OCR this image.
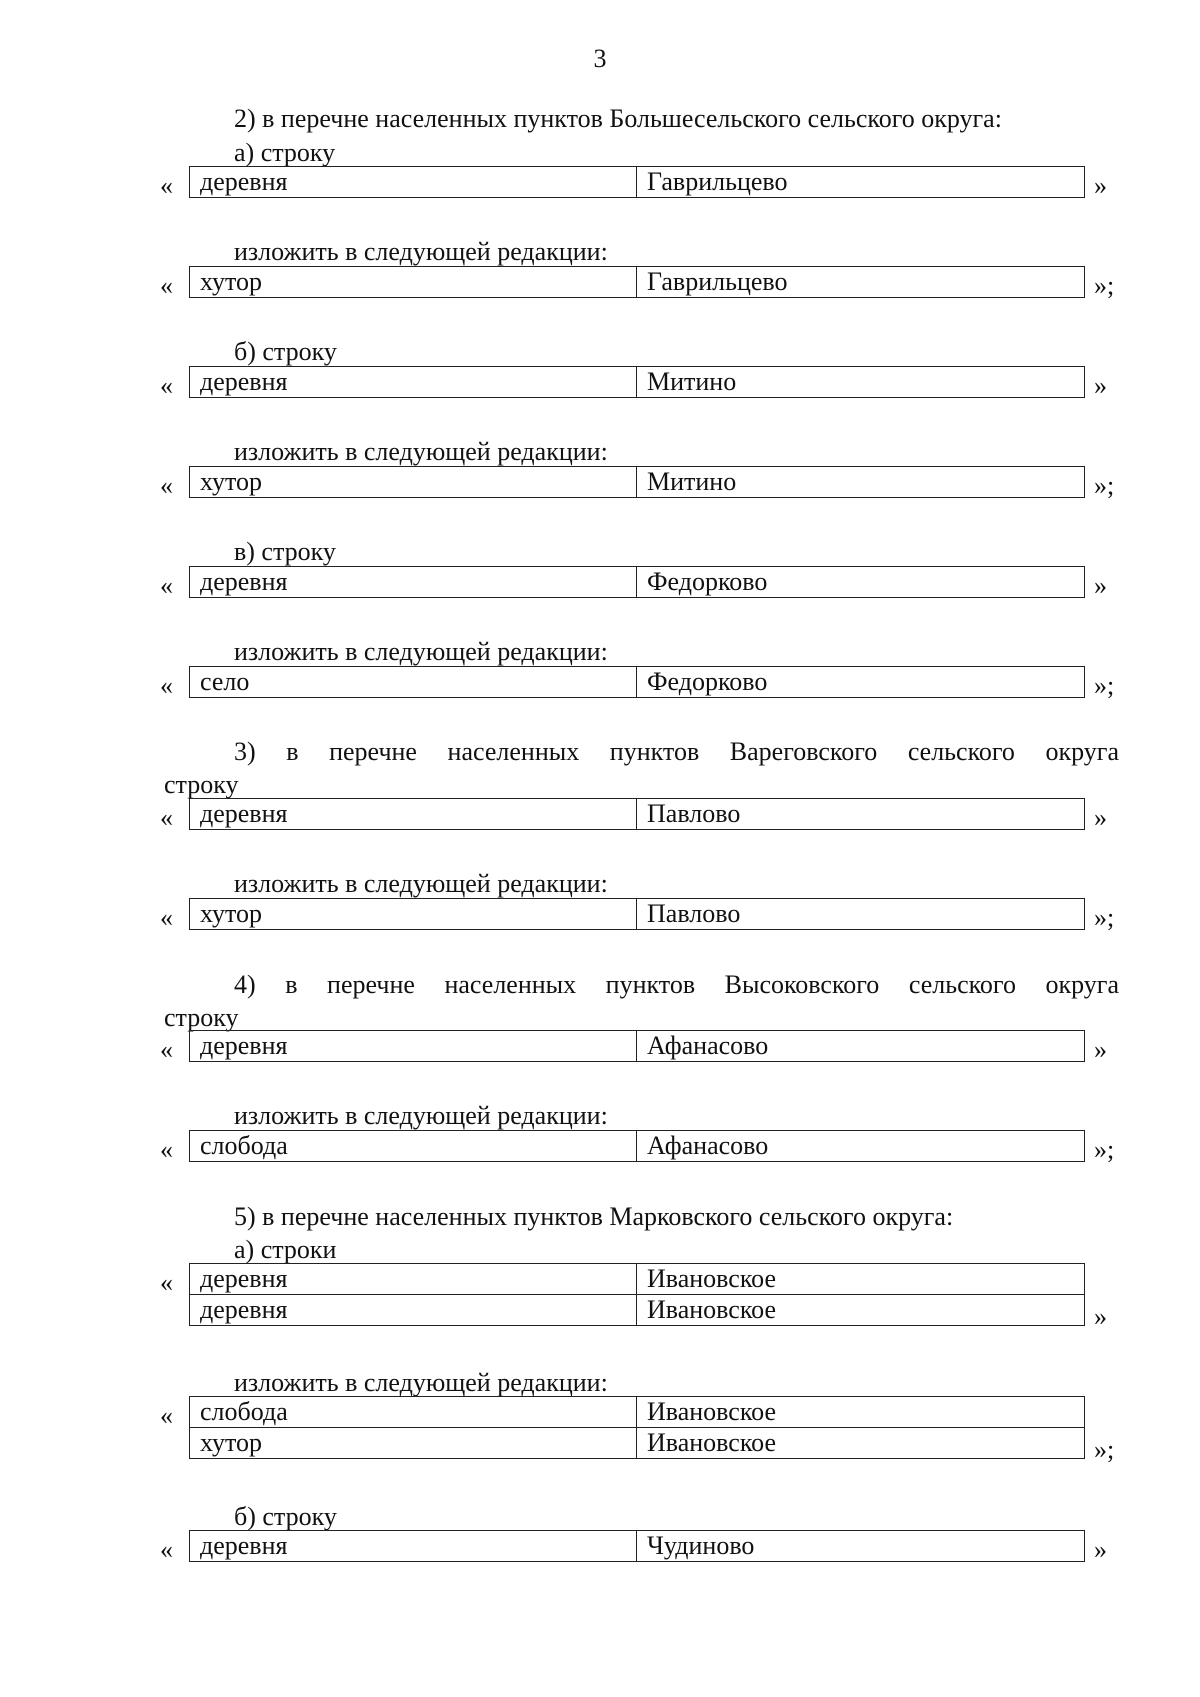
3
2) в перечне населенных пунктов Большесельского сельского округа:
а) строку
« деревня	Гаврильцево	»
изложить в следующей редакции:
« хутор	Гаврильцево	»;
б) строку
« деревня	Митино	»
изложить в следующей редакции:
« хутор	Митино	»;
в) строку
« деревня	Федорково	»
изложить в следующей редакции:
« село	Федорково	»;
3) в перечне населенных пунктов Вареговского сельского округа
строку
« деревня	Павлово	»
изложить в следующей редакции:
« хутор	Павлово	»;
4) в перечне населенных пунктов Высоковского сельского округа
строку
« деревня	Афанасово	»
изложить в следующей редакции:
« слобода	Афанасово	»;
5) в перечне населенных пунктов Марковского сельского округа:
а) строки
« деревня	Ивановское
деревня	Ивановское	»
изложить в следующей редакции:
« слобода	Ивановское
хутор	Ивановское	»;
б) строку
« деревня	Чудиново	»
